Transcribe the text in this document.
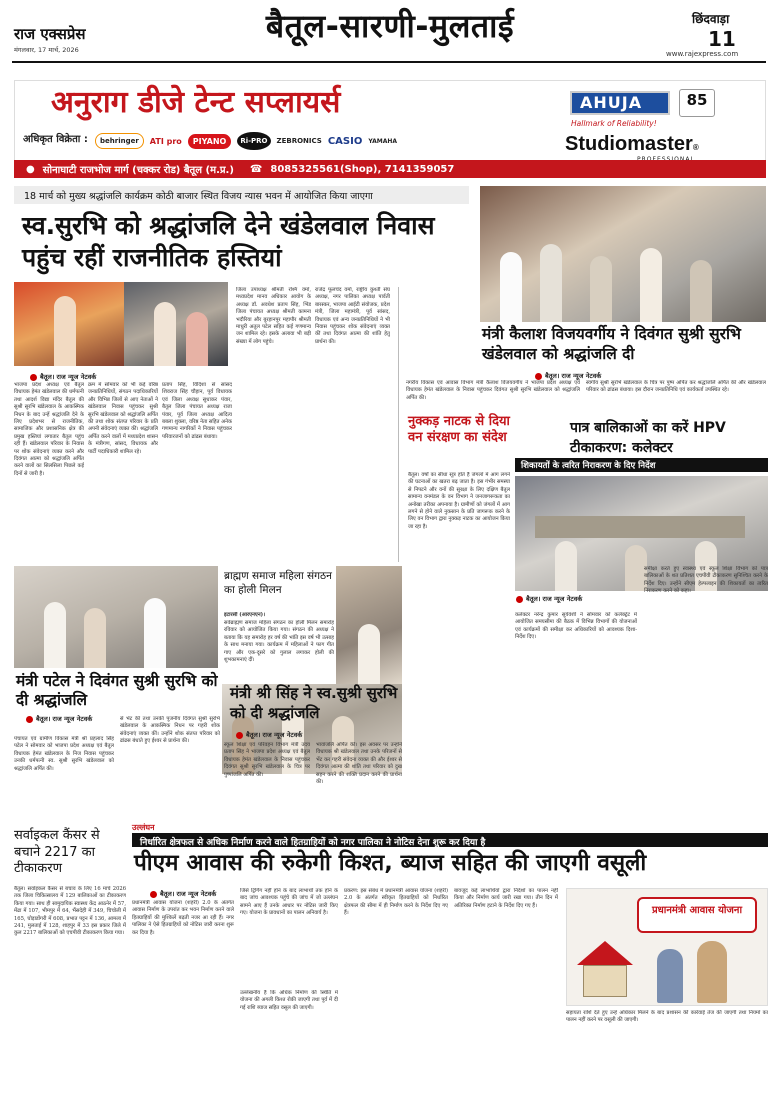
राज एक्सप्रेस
मंगलवार, 17 मार्च, 2026
बैतूल-सारणी-मुलताई	छिंदवाड़ा
11
www.rajexpress.com
अनुराग डीजे टेन्ट सप्लायर्स
अधिकृत विक्रेता :	behringer	ATI pro	PIYANO	Ri-PRO	ZEBRONICS CASIO YAMAHA
AHUJA	85
Hallmark of Reliability!
Studiomaster®
● सोनाघाटी राजभोज मार्ग (चक्कर रोड) बैतूल (म.प्र.) ☎ 8085325561(Shop), 7141359057
18 मार्च को मुख्य श्रद्धांजलि कार्यक्रम कोठी बाजार स्थित विजय न्यास भवन में आयोजित किया जाएगा
स्व.सुरभि को श्रद्धांजलि देने खंडेलवाल निवास पहुंच रहीं राजनीतिक हस्तियां
बैतूल। राज न्यूज नेटवर्क
भाजपा प्रदेश अध्यक्ष एवं बैतूल विधायक हेमंत खंडेलवाल की धर्मपत्नी तथा आदर्श विद्या मंदिर बैतूल की सुश्री सुरभि खंडेलवाल के आकस्मिक निधन के बाद उन्हें श्रद्धांजलि देने के लिए प्रदेशभर से राजनीतिक, सामाजिक और प्रशासनिक क्षेत्र की प्रमुख हस्तियां लगातार बैतूल पहुंच रही हैं। खंडेलवाल परिवार के निवास पर शोक संवेदनाएं व्यक्त करने और दिवंगत आत्मा को श्रद्धांजलि अर्पित करने वालों का सिलसिला पिछले कई दिनों से जारी है।
क्रम में सोमवार को भी कई वरिष्ठ जनप्रतिनिधियों, संगठन पदाधिकारियों और विभिन्न जिलों से आए नेताओं ने खंडेलवाल निवास पहुंचकर सुश्री सुरभि खंडेलवाल को श्रद्धांजलि अर्पित की तथा शोक संतप्त परिवार के प्रति अपनी संवेदनाएं व्यक्त कीं। श्रद्धांजलि अर्पित करने वालों में मध्यप्रदेश शासन के मंत्रीगण, सांसद, विधायक और पार्टी पदाधिकारी शामिल रहे।
प्रताप सिंह, विदिशा से सांसद शिवराज सिंह चौहान, पूर्व विधायक एवं जिला अध्यक्ष सुधाकर पंवार, बैतूल जिला पंचायत अध्यक्ष राजा पंवार, पूर्व जिला अध्यक्ष आदित्य बबला शुक्ला, वरिष्ठ नेता सहित अनेक गणमान्य नागरिकों ने निवास पहुंचकर परिवारजनों को ढांढस बंधाया।
जिला उपाध्यक्ष श्रीमती रश्मि वर्मा, मध्यप्रदेश मानव अधिकार आयोग के अध्यक्ष डॉ. अवधेश प्रताप सिंह, भिंड जिला पंचायत अध्यक्ष श्रीमती कामना भदौरिया और बुरहानपुर महापौर श्रीमती माधुरी अतुल पटेल सहित कई गणमान्य जन शामिल रहे। इसके अलावा भी बड़ी संख्या में लोग पहुंचे।
राजेंद्र फूलचंद वर्मा, राष्ट्रीय कुश्ती संघ अध्यक्ष, नगर पालिका अध्यक्ष पार्वती बारस्कर, भाजपा आईटी संयोजक, प्रदेश मंत्री, जिला महामंत्री, पूर्व सांसद, विधायक एवं अन्य जनप्रतिनिधियों ने भी निवास पहुंचकर शोक संवेदनाएं व्यक्त कीं तथा दिवंगत आत्मा की शांति हेतु प्रार्थना की।	मंत्री कैलाश विजयवर्गीय ने दिवंगत सुश्री सुरभि खंडेलवाल को श्रद्धांजलि दी
बैतूल। राज न्यूज नेटवर्क
नगरीय विकास एवं आवास विभाग मंत्री कैलाश विजयवर्गीय ने भाजपा प्रदेश अध्यक्ष एवं विधायक हेमंत खंडेलवाल के निवास पहुंचकर दिवंगत सुश्री सुरभि खंडेलवाल को श्रद्धांजलि अर्पित की।
स्वर्गीय सुश्री सुरभि खंडेलवाल के चित्र पर पुष्प अर्पित कर श्रद्धांजलि अर्पित की और खंडेलवाल परिवार को ढांढस बंधाया। इस दौरान जनप्रतिनिधि एवं कार्यकर्ता उपस्थित रहे।
नुक्कड़ नाटक से दिया वन संरक्षण का संदेश
बैतूल। वर्षों का सीधा सूत्र होते हैं जंगलों में आग लगने की घटनाओं का खतरा बढ़ जाता है। इस गंभीर समस्या से निपटने और वनों की सुरक्षा के लिए दक्षिण बैतूल सामान्य वनमंडल के वन विभाग ने जनजागरूकता का अनोखा तरीका अपनाया है। ग्रामीणों को जंगलों में आग लगने से होने वाले नुकसान के प्रति जागरूक करने के लिए वन विभाग द्वारा नुक्कड़ नाटक का आयोजन किया जा रहा है।
पात्र बालिकाओं का करें HPV टीकाकरण: कलेक्टर
शिकायतों के त्वरित निराकरण के दिए निर्देश
बैतूल। राज न्यूज नेटवर्क
कलेक्टर नरेन्द्र कुमार सूर्यवंशी ने सोमवार को कलेक्ट्रेट में आयोजित समयसीमा की बैठक में विभिन्न विभागों की योजनाओं एवं कार्यक्रमों की समीक्षा कर अधिकारियों को आवश्यक दिशा-निर्देश दिए।
समीक्षा करते हुए स्वास्थ्य एवं स्कूल शिक्षा विभाग को पात्र बालिकाओं के शत प्रतिशत एचपीवी टीकाकरण सुनिश्चित करने के निर्देश दिए। उन्होंने सीएम हेल्पलाइन की शिकायतों का त्वरित निराकरण करने को कहा।
ब्राह्मण समाज महिला संगठन का होली मिलन
इटारसी (आरएनएन)।
सर्वब्राह्मण समाज महिला संगठन का होली मिलन समारोह रविवार को आयोजित किया गया। संगठन की अध्यक्ष ने बताया कि यह समारोह हर वर्ष की भांति इस वर्ष भी उत्साह के साथ मनाया गया। कार्यक्रम में महिलाओं ने फाग गीत गाए और एक-दूसरे को गुलाल लगाकर होली की शुभकामनाएं दीं।
मंत्री पटेल ने दिवंगत सुश्री सुरभि को दी श्रद्धांजलि
बैतूल। राज न्यूज नेटवर्क
पंचायत एवं ग्रामीण विकास मंत्री श्री प्रहलाद सिंह पटेल ने सोमवार को भाजपा प्रदेश अध्यक्ष एवं बैतूल विधायक हेमंत खंडेलवाल के निज निवास पहुंचकर उनकी धर्मपत्नी स्व. सुश्री सुरभि खंडेलवाल को श्रद्धांजलि अर्पित की।
से भेंट की तथा उनकी पूजनीय दिवंगत सुश्री सुरभि खंडेलवाल के आकस्मिक निधन पर गहरी शोक संवेदनाएं व्यक्त कीं। उन्होंने शोक संतप्त परिवार को ढांढस बंधाते हुए ईश्वर से प्रार्थना की।
मंत्री श्री सिंह ने स्व.सुश्री सुरभि को दी श्रद्धांजलि
बैतूल। राज न्यूज नेटवर्क
स्कूल शिक्षा एवं परिवहन विभाग मंत्री उदय प्रताप सिंह ने भाजपा प्रदेश अध्यक्ष एवं बैतूल विधायक हेमंत खंडेलवाल के निवास पहुंचकर दिवंगत सुश्री सुरभि खंडेलवाल के चित्र पर पुष्पांजलि अर्पित की।
भावांजलि अर्पित की। इस अवसर पर उन्होंने विधायक श्री खंडेलवाल तथा उनके परिजनों से भेंट कर गहरी संवेदना व्यक्त की और ईश्वर से दिवंगत आत्मा की शांति तथा परिवार को दुख सहन करने की शक्ति प्रदान करने की प्रार्थना की।
सर्वाइकल कैंसर से बचाने 2217 का टीकाकरण
बैतूल। सर्वाइकल कैंसर से बचाव के लिए 16 मार्च 2026 तक जिला चिकित्सालय में 129 बालिकाओं का टीकाकरण किया गया। साथ ही सामुदायिक स्वास्थ्य केंद्र आठनेर में 57, मेंढा में 107, भीमपुर में 64, भैंसदेही में 349, चिचोली में 165, घोड़ाडोंगरी में 608, प्रभात पट्टन में 136, आमला में 241, मुलताई में 128, शाहपुर में 33 इस प्रकार जिले में कुल 2217 बालिकाओं को एचपीवी टीकाकरण किया गया।
उल्लंघन
निर्धारित क्षेत्रफल से अधिक निर्माण करने वाले हितग्राहियों को नगर पालिका ने नोटिस देना शुरू कर दिया है
पीएम आवास की रुकेगी किश्त, ब्याज सहित की जाएगी वसूली
बैतूल। राज न्यूज नेटवर्क
प्रधानमंत्री आवास योजना (शहरी) 2.0 के अंतर्गत आवास निर्माण के उपरांत कर भवन निर्माण करने वाले हितग्राहियों की मुश्किलें बढ़ती नजर आ रही हैं। नगर पालिका ने ऐसे हितग्राहियों को नोटिस जारी करना शुरू कर दिया है।
जिसे ट्रिगिंग नहीं होने के बाद लाभार्थी तक होने के बाद जांच आवश्यक पहुंचे की जांच में जो उल्लंघन सामने आए हैं उनके आधार पर नोटिस जारी किए गए। योजना के प्रावधानों का पालन अनिवार्य है।
उल्लेखनीय है कि अधिक निर्माण की स्थिति में योजना की अगली किश्त रोकी जाएगी तथा पूर्व में दी गई राशि ब्याज सहित वसूल की जाएगी।
प्रकरण: इस संबंध में प्रधानमंत्री आवास योजना (शहरी) 2.0 के अंतर्गत स्वीकृत हितग्राहियों को निर्धारित क्षेत्रफल की सीमा में ही निर्माण करने के निर्देश दिए गए हैं।
बावजूद कई लाभार्थियों द्वारा निर्देशों का पालन नहीं किया और निर्माण कार्य जारी रखा गया। तीन दिन में अतिरिक्त निर्माण हटाने के निर्देश दिए गए हैं।	प्रधानमंत्री आवास योजना
सहायता राशि देते हुए उन्हें अधिकार मिलने के बाद प्रशासन की कार्रवाई तेज की जाएगी तथा नियमों का पालन नहीं करने पर वसूली की जाएगी।
